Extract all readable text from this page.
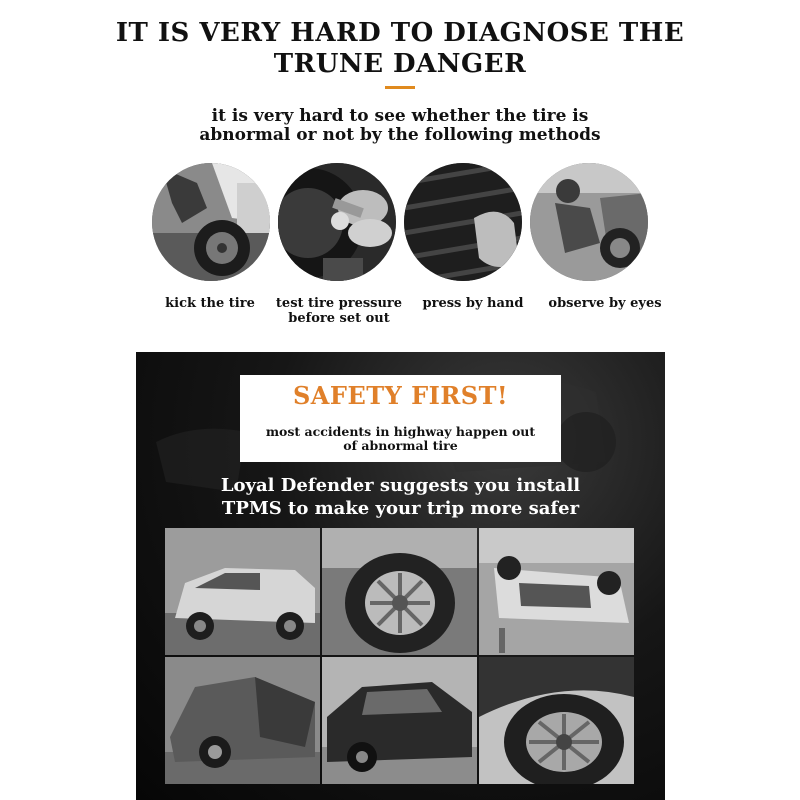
IT IS VERY HARD TO DIAGNOSE THE
TRUNE DANGER
it is very hard to see whether the tire is
abnormal or not by the following methods
kick the tire	test tire pressure
before set out
press by hand	observe by eyes
SAFETY FIRST!
most accidents in highway happen out
of abnormal tire
Loyal Defender suggests you install
TPMS to make your trip more safer
